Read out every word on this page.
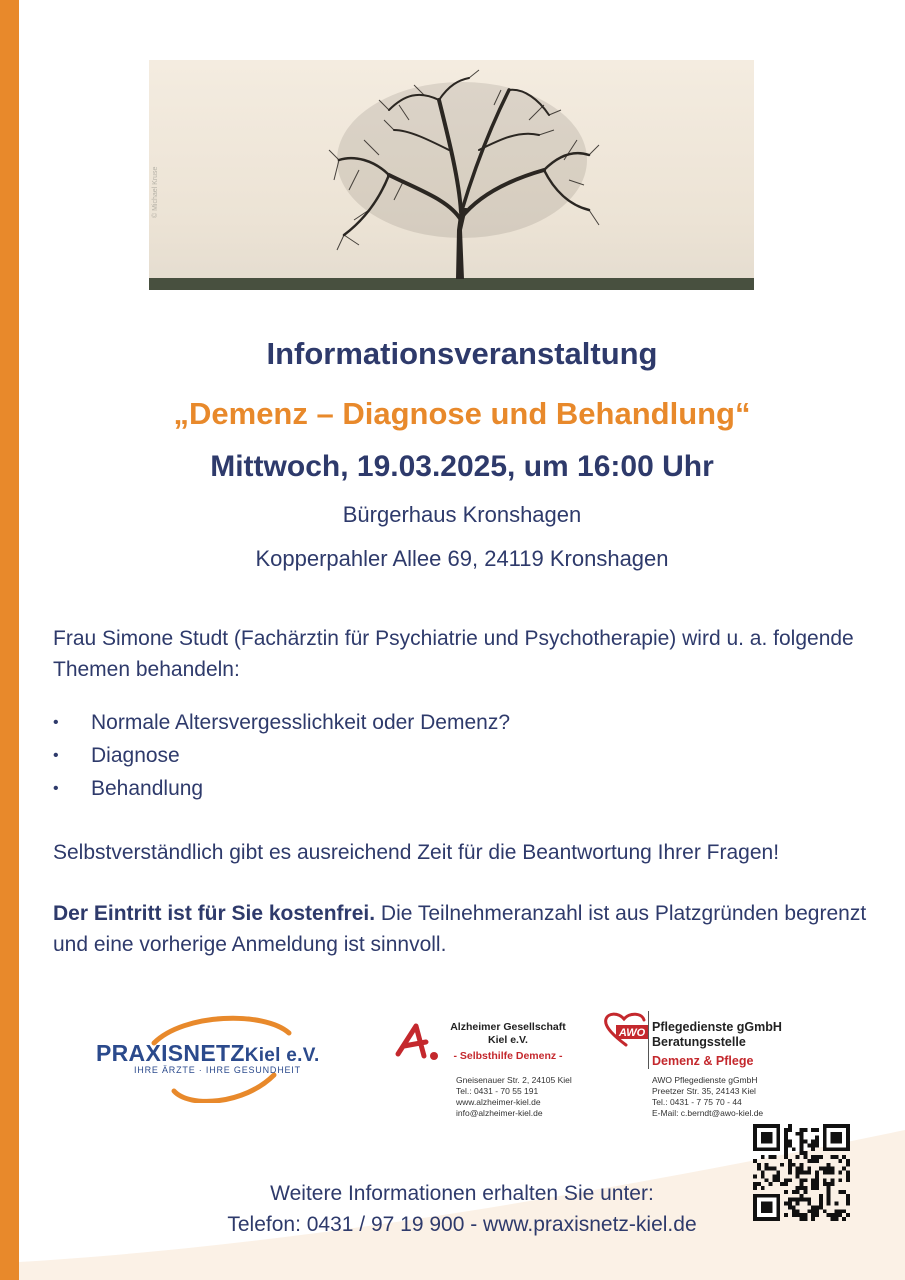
© Michael Kruse
Informationsveranstaltung
„Demenz – Diagnose und Behandlung“
Mittwoch, 19.03.2025, um 16:00 Uhr
Bürgerhaus Kronshagen
Kopperpahler Allee 69, 24119 Kronshagen
Frau Simone Studt (Fachärztin für Psychiatrie und Psychotherapie) wird u. a. folgende Themen behandeln:
• Normale Altersvergesslichkeit oder Demenz?
• Diagnose
• Behandlung
Selbstverständlich gibt es ausreichend Zeit für die Beantwortung Ihrer Fragen!
Der Eintritt ist für Sie kostenfrei. Die Teilnehmeranzahl ist aus Platzgründen begrenzt und eine vorherige Anmeldung ist sinnvoll.
PRAXISNETZKiel e.V.
IHRE ÄRZTE · IHRE GESUNDHEIT
Alzheimer Gesellschaft
Kiel e.V.
- Selbsthilfe Demenz -
Gneisenauer Str. 2, 24105 Kiel
Tel.: 0431 - 70 55 191
www.alzheimer-kiel.de
info@alzheimer-kiel.de
AWO Pflegedienste gGmbH
Beratungsstelle
Demenz & Pflege
AWO Pflegedienste gGmbH
Preetzer Str. 35, 24143 Kiel
Tel.: 0431 - 7 75 70 - 44
E-Mail: c.berndt@awo-kiel.de
Weitere Informationen erhalten Sie unter:
Telefon: 0431 / 97 19 900 - www.praxisnetz-kiel.de
